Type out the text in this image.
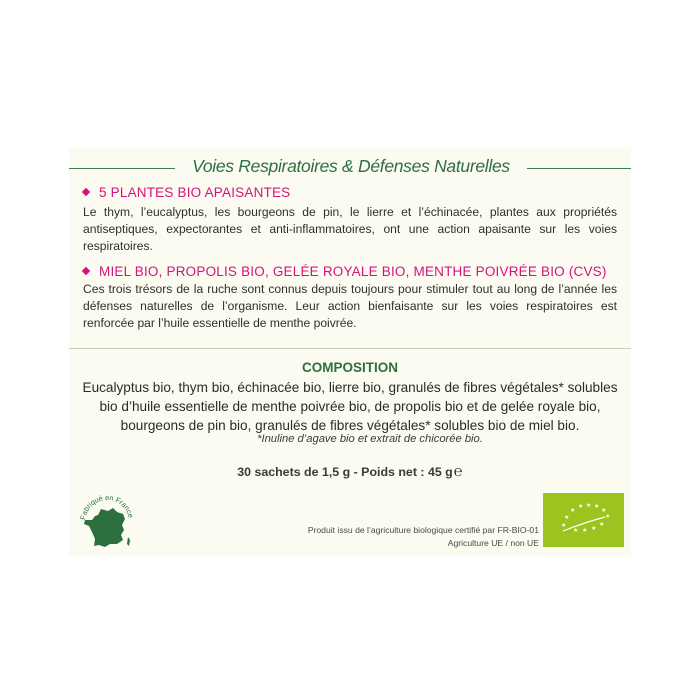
Voies Respiratoires & Défenses Naturelles
5 PLANTES BIO APAISANTES
Le thym, l’eucalyptus, les bourgeons de pin, le lierre et l’échinacée, plantes aux propriétés antiseptiques, expectorantes et anti-inflammatoires, ont une action apaisante sur les voies respiratoires.
MIEL BIO, PROPOLIS BIO, GELÉE ROYALE BIO, MENTHE POIVRÉE BIO (CVS)
Ces trois trésors de la ruche sont connus depuis toujours pour stimuler tout au long de l’année les défenses naturelles de l’organisme. Leur action bienfaisante sur les voies respiratoires est renforcée par l’huile essentielle de menthe poivrée.
COMPOSITION
Eucalyptus bio, thym bio, échinacée bio, lierre bio, granulés de fibres végétales* solubles
bio d’huile essentielle de menthe poivrée bio, de propolis bio et de gelée royale bio,
bourgeons de pin bio, granulés de fibres végétales* solubles bio de miel bio.
*Inuline d’agave bio et extrait de chicorée bio.
30 sachets de 1,5 g - Poids net : 45 g℮
Fabriqué en France
Produit issu de l’agriculture biologique certifié par FR-BIO-01
Agriculture UE / non UE
★
★
★
★ ★ ★
★
★
★
★
★
★
